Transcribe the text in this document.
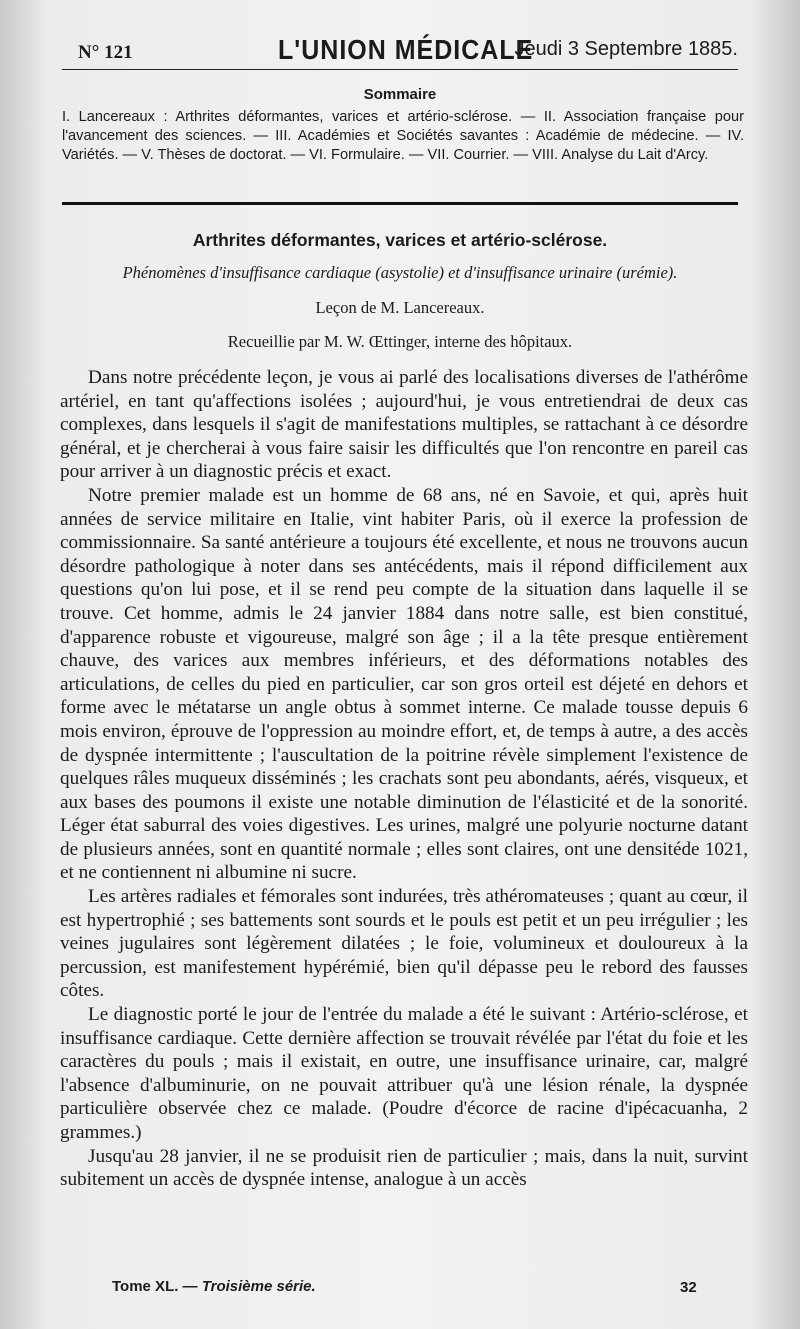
N° 121	L'UNION MÉDICALE
Jeudi 3 Septembre 1885.
Sommaire
I. Lancereaux : Arthrites déformantes, varices et artério-sclérose. — II. Association française pour l'avancement des sciences. — III. Académies et Sociétés savantes : Académie de médecine. — IV. Variétés. — V. Thèses de doctorat. — VI. Formulaire. — VII. Courrier. — VIII. Analyse du Lait d'Arcy.
Arthrites déformantes, varices et artério-sclérose.
Phénomènes d'insuffisance cardiaque (asystolie) et d'insuffisance urinaire (urémie).
Leçon de M. Lancereaux.
Recueillie par M. W. Œttinger, interne des hôpitaux.

Dans notre précédente leçon, je vous ai parlé des localisations diverses de l'athérôme artériel, en tant qu'affections isolées ; aujourd'hui, je vous entretiendrai de deux cas complexes, dans lesquels il s'agit de manifestations multiples, se rattachant à ce désordre général, et je chercherai à vous faire saisir les difficultés que l'on rencontre en pareil cas pour arriver à un diagnostic précis et exact.

Notre premier malade est un homme de 68 ans, né en Savoie, et qui, après huit années de service militaire en Italie, vint habiter Paris, où il exerce la profession de commissionnaire. Sa santé antérieure a toujours été excellente, et nous ne trouvons aucun désordre pathologique à noter dans ses antécédents, mais il répond difficilement aux questions qu'on lui pose, et il se rend peu compte de la situation dans laquelle il se trouve. Cet homme, admis le 24 janvier 1884 dans notre salle, est bien constitué, d'apparence robuste et vigoureuse, malgré son âge ; il a la tête presque entièrement chauve, des varices aux membres inférieurs, et des déformations notables des articulations, de celles du pied en particulier, car son gros orteil est déjeté en dehors et forme avec le métatarse un angle obtus à sommet interne. Ce malade tousse depuis 6 mois environ, éprouve de l'oppression au moindre effort, et, de temps à autre, a des accès de dyspnée intermittente ; l'auscultation de la poitrine révèle simplement l'existence de quelques râles muqueux disséminés ; les crachats sont peu abondants, aérés, visqueux, et aux bases des poumons il existe une notable diminution de l'élasticité et de la sonorité. Léger état saburral des voies digestives. Les urines, malgré une polyurie nocturne datant de plusieurs années, sont en quantité normale ; elles sont claires, ont une densitéde 1021, et ne contiennent ni albumine ni sucre.

Les artères radiales et fémorales sont indurées, très athéromateuses ; quant au cœur, il est hypertrophié ; ses battements sont sourds et le pouls est petit et un peu irrégulier ; les veines jugulaires sont légèrement dilatées ; le foie, volumineux et douloureux à la percussion, est manifestement hypérémié, bien qu'il dépasse peu le rebord des fausses côtes.

Le diagnostic porté le jour de l'entrée du malade a été le suivant : Artério-sclérose, et insuffisance cardiaque. Cette dernière affection se trouvait révélée par l'état du foie et les caractères du pouls ; mais il existait, en outre, une insuffisance urinaire, car, malgré l'absence d'albuminurie, on ne pouvait attribuer qu'à une lésion rénale, la dyspnée particulière observée chez ce malade. (Poudre d'écorce de racine d'ipécacuanha, 2 grammes.)

Jusqu'au 28 janvier, il ne se produisit rien de particulier ; mais, dans la nuit, survint subitement un accès de dyspnée intense, analogue à un accès

Tome XL. — Troisième série.	32
